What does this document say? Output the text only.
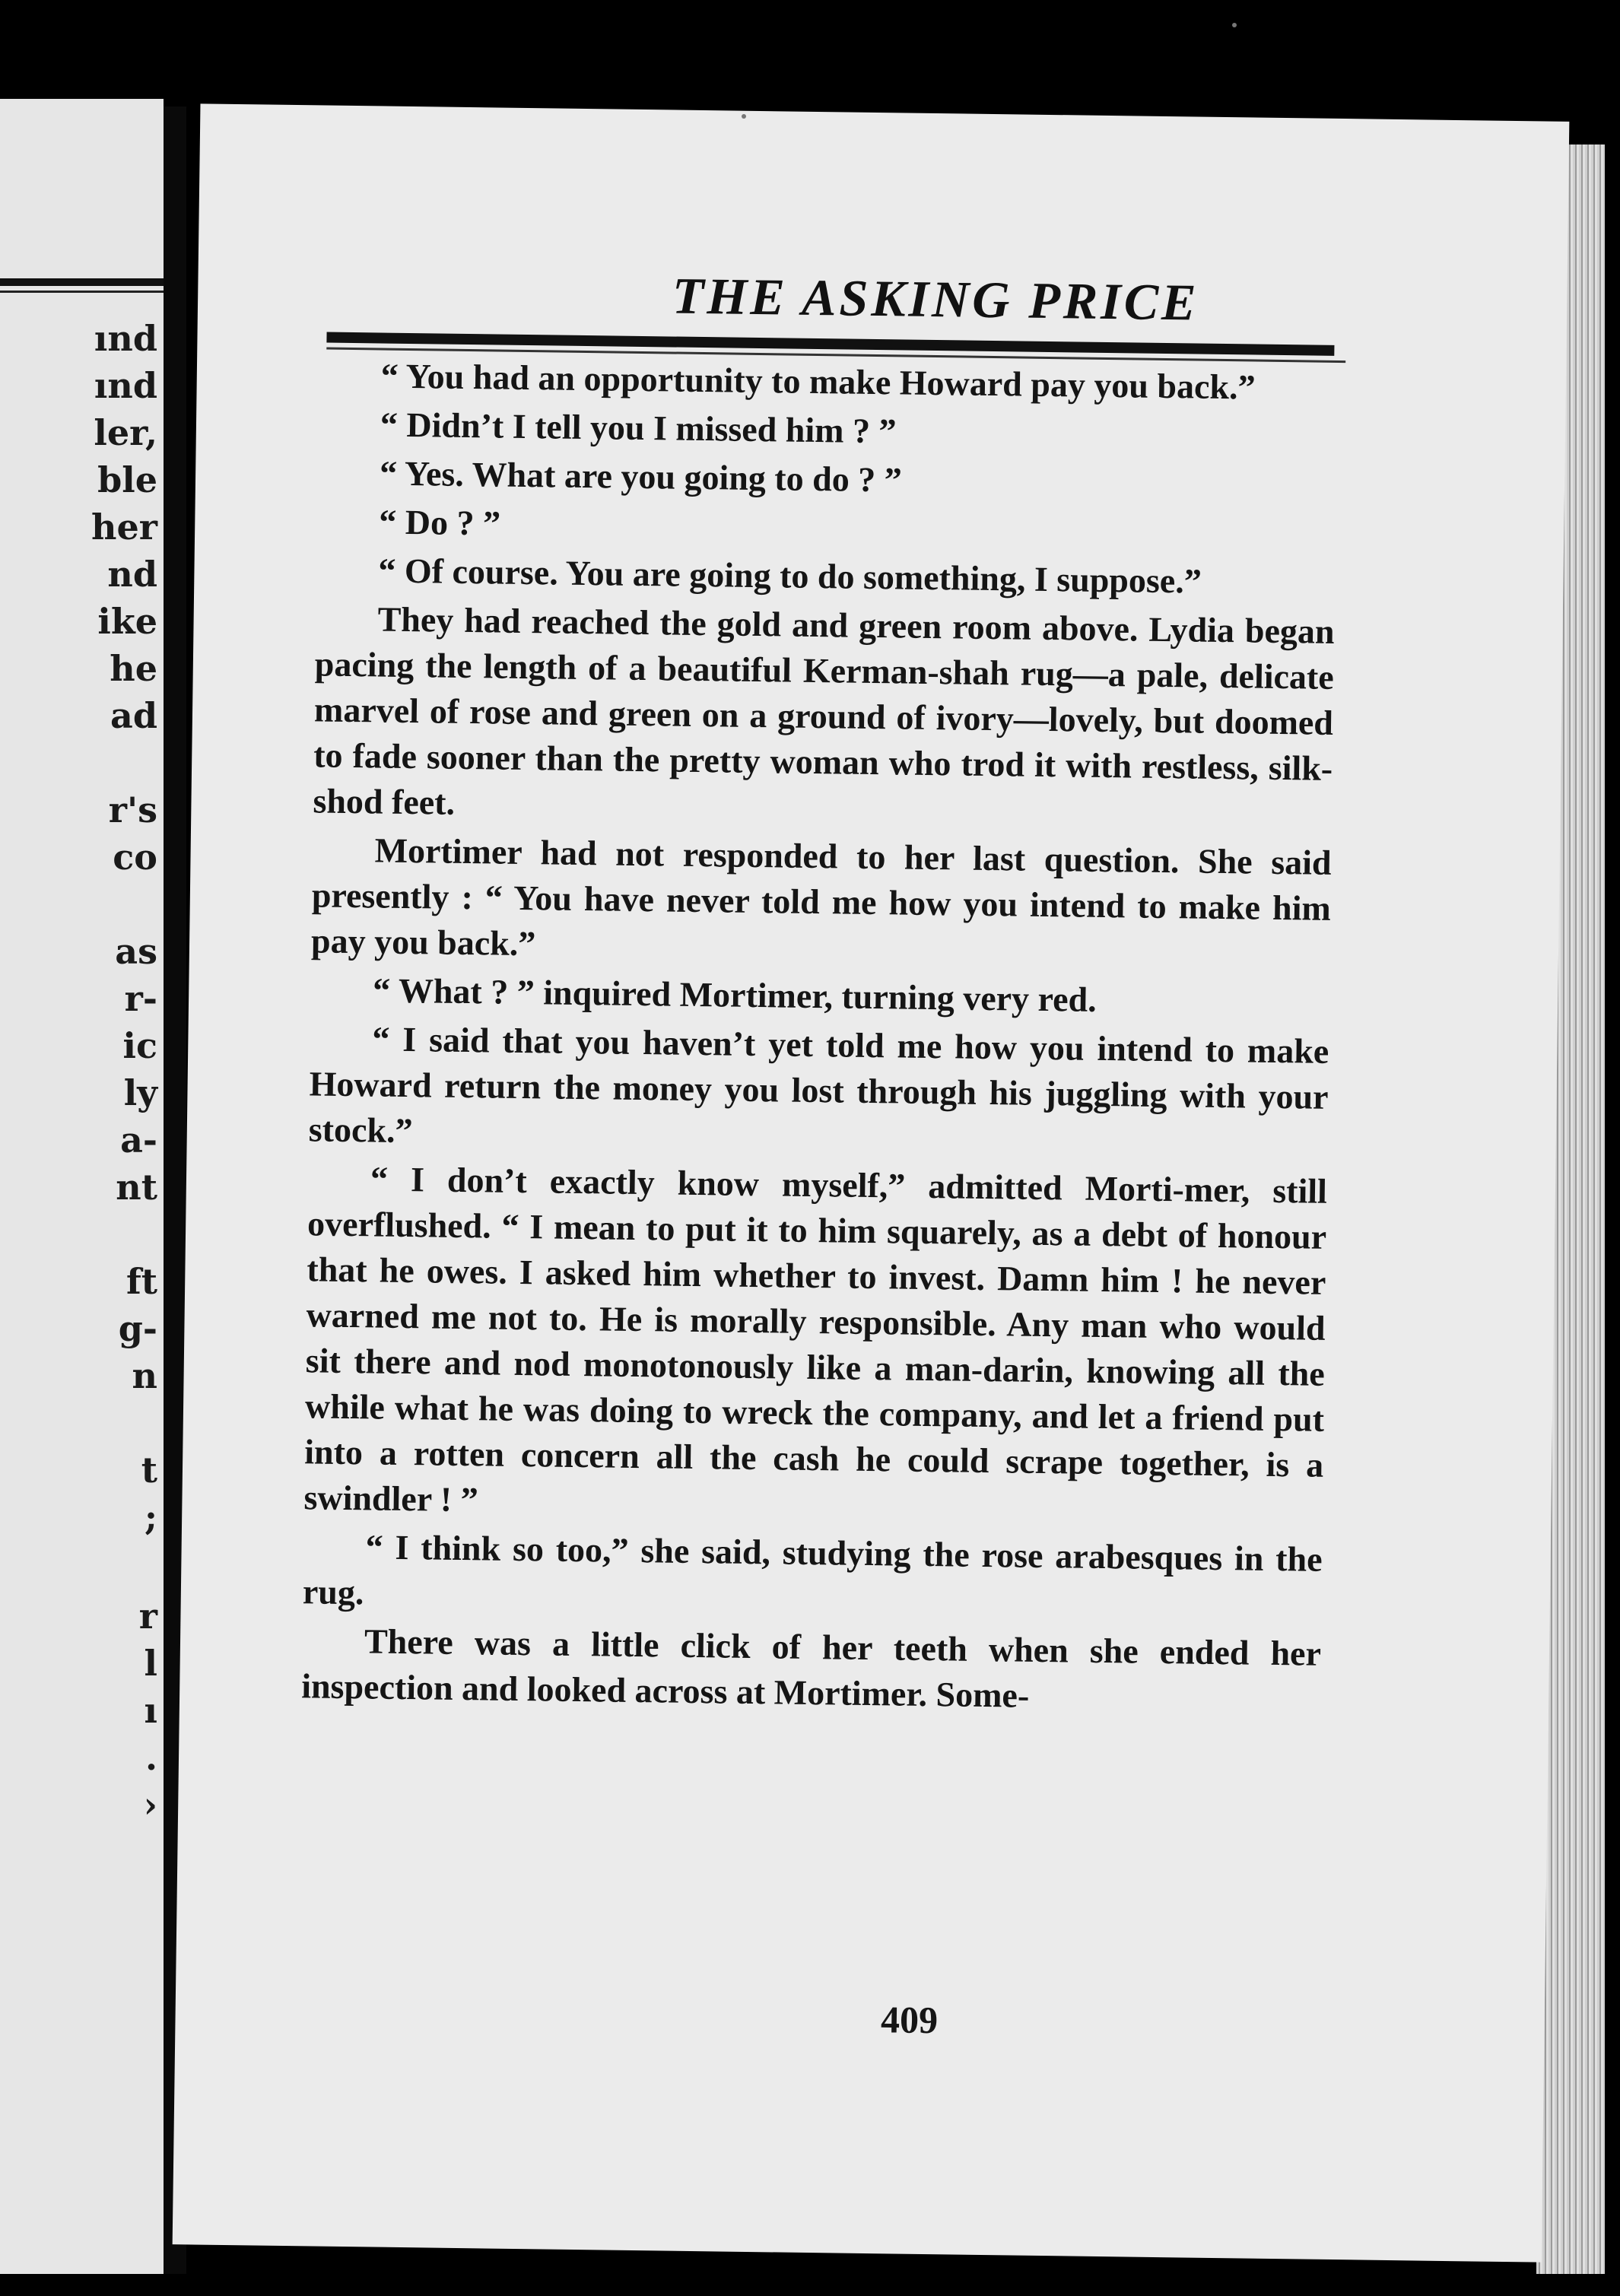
ınd
ınd
ler,
ble
her
nd
ike
he
ad
r's
co
as
r-
ic
ly
a-
nt
ft
g-
n
t
;
r
l
ı
.
›
THE ASKING PRICE

“ You had an opportunity to make Howard pay you back.”

“ Didn’t I tell you I missed him ? ”

“ Yes. What are you going to do ? ”

“ Do ? ”

“ Of course. You are going to do something, I suppose.”

They had reached the gold and green room above. Lydia began pacing the length of a beautiful Kerman-shah rug—a pale, delicate marvel of rose and green on a ground of ivory—lovely, but doomed to fade sooner than the pretty woman who trod it with restless, silk-shod feet.

Mortimer had not responded to her last question. She said presently : “ You have never told me how you intend to make him pay you back.”

“ What ? ” inquired Mortimer, turning very red.

“ I said that you haven’t yet told me how you intend to make Howard return the money you lost through his juggling with your stock.”

“ I don’t exactly know myself,” admitted Morti-mer, still overflushed. “ I mean to put it to him squarely, as a debt of honour that he owes. I asked him whether to invest. Damn him ! he never warned me not to. He is morally responsible. Any man who would sit there and nod monotonously like a man-darin, knowing all the while what he was doing to wreck the company, and let a friend put into a rotten concern all the cash he could scrape together, is a swindler ! ”

“ I think so too,” she said, studying the rose arabesques in the rug.

There was a little click of her teeth when she ended her inspection and looked across at Mortimer. Some-

409
